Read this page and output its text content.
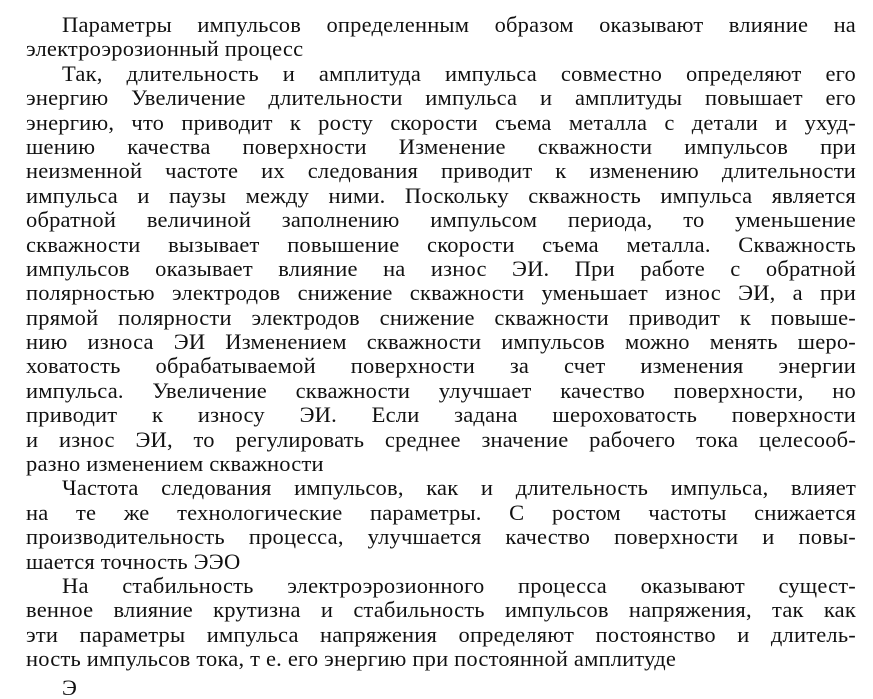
Параметры импульсов определенным образом оказывают влияние на
электроэрозионный процесс
Так, длительность и амплитуда импульса совместно определяют его
энергию Увеличение длительности импульса и амплитуды повышает его
энергию, что приводит к росту скорости съема металла с детали и ухуд-
шению качества поверхности Изменение скважности импульсов при
неизменной частоте их следования приводит к изменению длительности
импульса и паузы между ними. Поскольку скважность импульса является
обратной величиной заполнению импульсом периода, то уменьшение
скважности вызывает повышение скорости съема металла. Скважность
импульсов оказывает влияние на износ ЭИ. При работе с обратной
полярностью электродов снижение скважности уменьшает износ ЭИ, а при
прямой полярности электродов снижение скважности приводит к повыше-
нию износа ЭИ Изменением скважности импульсов можно менять шеро-
ховатость обрабатываемой поверхности за счет изменения энергии
импульса. Увеличение скважности улучшает качество поверхности, но
приводит к износу ЭИ. Если задана шероховатость поверхности
и износ ЭИ, то регулировать среднее значение рабочего тока целесооб-
разно изменением скважности
Частота следования импульсов, как и длительность импульса, влияет
на те же технологические параметры. С ростом частоты снижается
производительность процесса, улучшается качество поверхности и повы-
шается точность ЭЭО
На стабильность электроэрозионного процесса оказывают сущест-
венное влияние крутизна и стабильность импульсов напряжения, так как
эти параметры импульса напряжения определяют постоянство и длитель-
ность импульсов тока, т е. его энергию при постоянной амплитуде
Э
